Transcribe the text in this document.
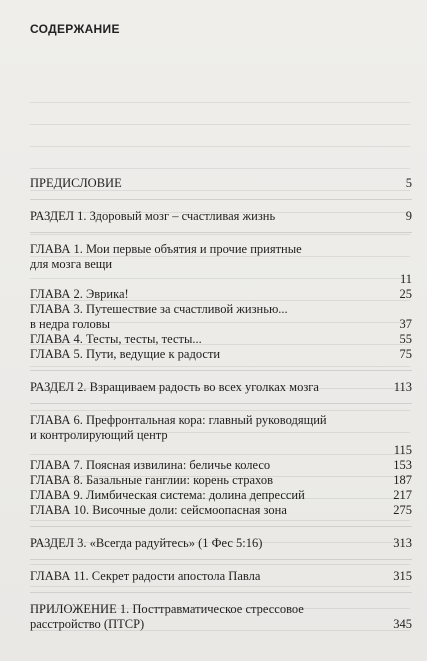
СОДЕРЖАНИЕ
ПРЕДИСЛОВИЕ	5
РАЗДЕЛ 1. Здоровый мозг – счастливая жизнь	9
ГЛАВА 1. Мои первые объятия и прочие приятные
для мозга вещи
11
ГЛАВА 2. Эврика!	25
ГЛАВА 3. Путешествие за счастливой жизнью...
в недра головы	37
ГЛАВА 4. Тесты, тесты, тесты...	55
ГЛАВА 5. Пути, ведущие к радости	75
РАЗДЕЛ 2. Взращиваем радость во всех уголках мозга	113
ГЛАВА 6. Префронтальная кора: главный руководящий
и контролирующий центр
115
ГЛАВА 7. Поясная извилина: беличье колесо	153
ГЛАВА 8. Базальные ганглии: корень страхов	187
ГЛАВА 9. Лимбическая система: долина депрессий	217
ГЛАВА 10. Височные доли: сейсмоопасная зона	275
РАЗДЕЛ 3. «Всегда радуйтесь» (1 Фес 5:16)	313
ГЛАВА 11. Секрет радости апостола Павла	315
ПРИЛОЖЕНИЕ 1. Посттравматическое стрессовое
расстройство (ПТСР)	345
